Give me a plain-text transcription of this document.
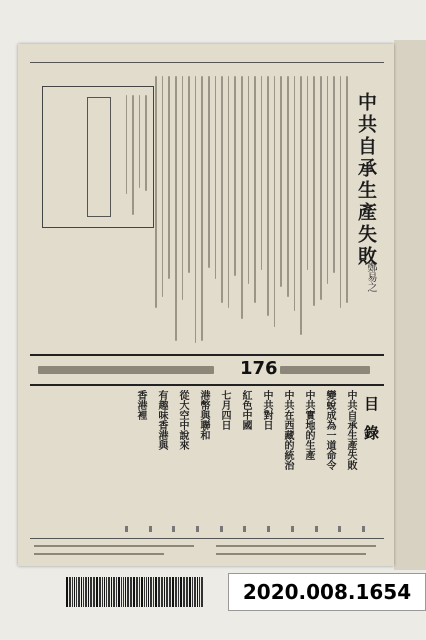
中共自承生產失敗
鄭易之
176
目錄
中共自承生產失敗
變蛻成為一道命令
中共實地的生產
中共在西藏的統治
中共對日
紅色中國
七月四日
港幣與聯和
從大空中說來
有趣味香港與
香港裡
2020.008.1654
